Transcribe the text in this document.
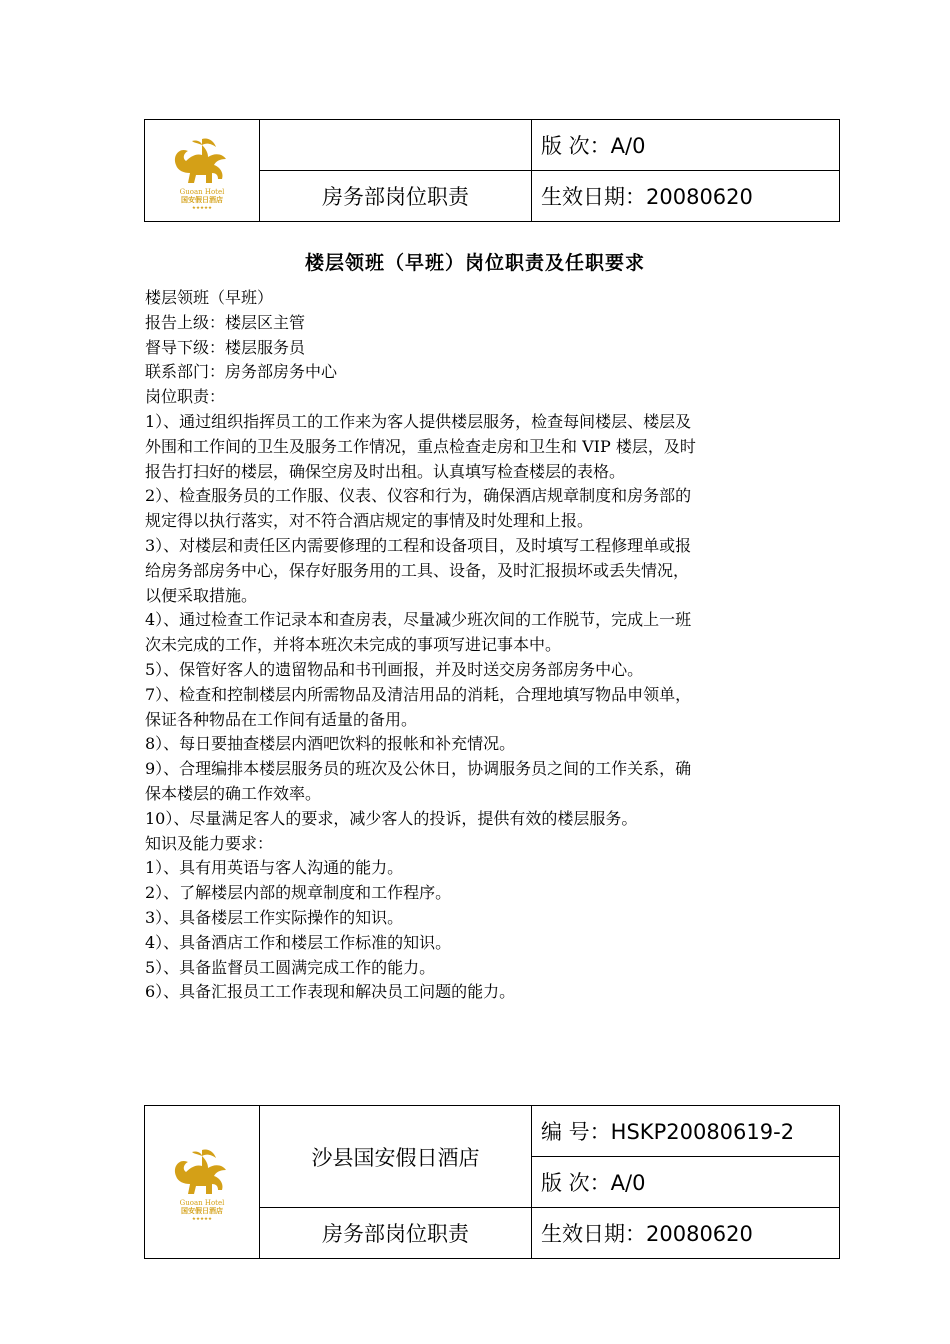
Guoan Hotel
国安假日酒店
★★★★★		版 次：A/0
	房务部岗位职责	生效日期：20080620
楼层领班（早班）岗位职责及任职要求

楼层领班（早班）

报告上级：楼层区主管

督导下级：楼层服务员

联系部门：房务部房务中心

岗位职责：

1）、通过组织指挥员工的工作来为客人提供楼层服务，检查每间楼层、楼层及

外围和工作间的卫生及服务工作情况，重点检查走房和卫生和 VIP 楼层，及时

报告打扫好的楼层，确保空房及时出租。认真填写检查楼层的表格。

2）、检查服务员的工作服、仪表、仪容和行为，确保酒店规章制度和房务部的

规定得以执行落实，对不符合酒店规定的事情及时处理和上报。

3）、对楼层和责任区内需要修理的工程和设备项目，及时填写工程修理单或报

给房务部房务中心，保存好服务用的工具、设备，及时汇报损坏或丢失情况，

以便采取措施。

4）、通过检查工作记录本和查房表，尽量减少班次间的工作脱节，完成上一班

次未完成的工作，并将本班次未完成的事项写进记事本中。

5）、保管好客人的遗留物品和书刊画报，并及时送交房务部房务中心。

7）、检查和控制楼层内所需物品及清洁用品的消耗，合理地填写物品申领单，

保证各种物品在工作间有适量的备用。

8）、每日要抽查楼层内酒吧饮料的报帐和补充情况。

9）、合理编排本楼层服务员的班次及公休日，协调服务员之间的工作关系，确

保本楼层的确工作效率。

10）、尽量满足客人的要求，减少客人的投诉，提供有效的楼层服务。

知识及能力要求：

1）、具有用英语与客人沟通的能力。

2）、了解楼层内部的规章制度和工作程序。

3）、具备楼层工作实际操作的知识。

4）、具备酒店工作和楼层工作标准的知识。

5）、具备监督员工圆满完成工作的能力。

6）、具备汇报员工工作表现和解决员工问题的能力。

Guoan Hotel
国安假日酒店
★★★★★	沙县国安假日酒店	编 号：HSKP20080619-2
		版 次：A/0
	房务部岗位职责	生效日期：20080620
